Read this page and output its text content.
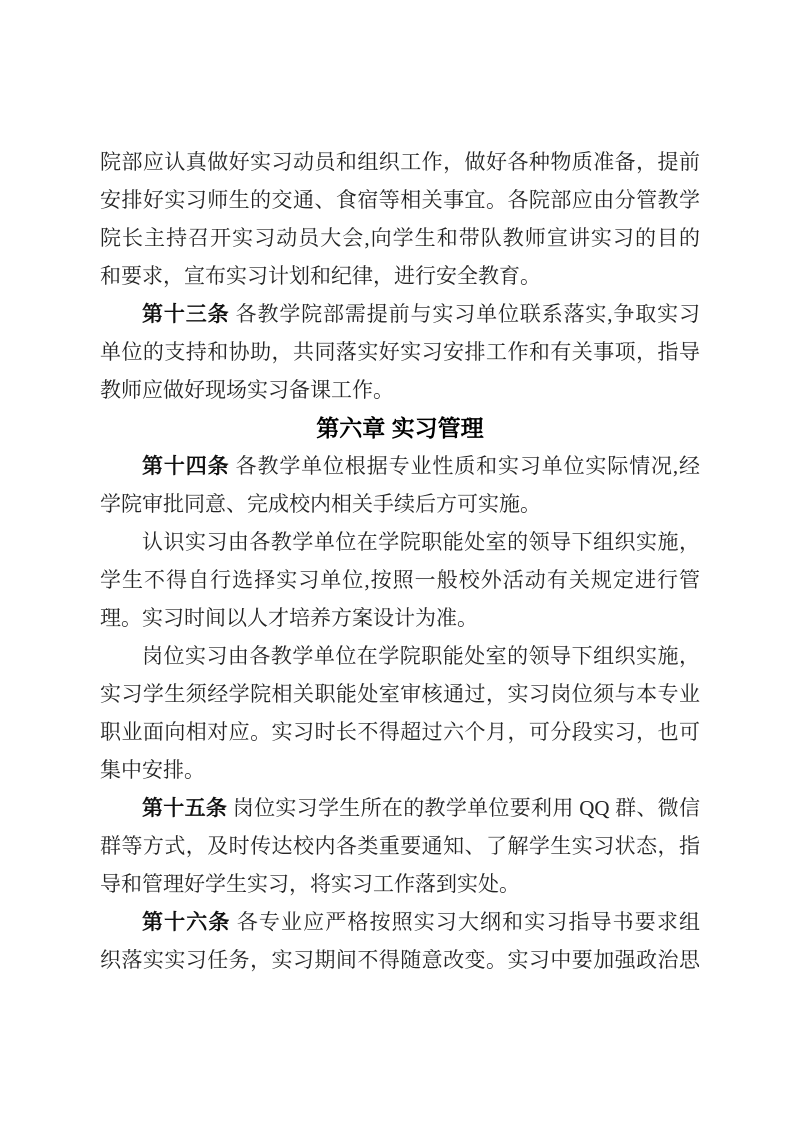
院部应认真做好实习动员和组织工作，做好各种物质准备，提前
安排好实习师生的交通、食宿等相关事宜。各院部应由分管教学
院长主持召开实习动员大会,向学生和带队教师宣讲实习的目的
和要求，宣布实习计划和纪律，进行安全教育。
第十三条 各教学院部需提前与实习单位联系落实,争取实习
单位的支持和协助，共同落实好实习安排工作和有关事项，指导
教师应做好现场实习备课工作。
第六章 实习管理
第十四条 各教学单位根据专业性质和实习单位实际情况,经
学院审批同意、完成校内相关手续后方可实施。
认识实习由各教学单位在学院职能处室的领导下组织实施，
学生不得自行选择实习单位,按照一般校外活动有关规定进行管
理。实习时间以人才培养方案设计为准。
岗位实习由各教学单位在学院职能处室的领导下组织实施，
实习学生须经学院相关职能处室审核通过，实习岗位须与本专业
职业面向相对应。实习时长不得超过六个月，可分段实习，也可
集中安排。
第十五条 岗位实习学生所在的教学单位要利用 QQ 群、微信
群等方式，及时传达校内各类重要通知、了解学生实习状态，指
导和管理好学生实习，将实习工作落到实处。
第十六条 各专业应严格按照实习大纲和实习指导书要求组
织落实实习任务，实习期间不得随意改变。实习中要加强政治思
